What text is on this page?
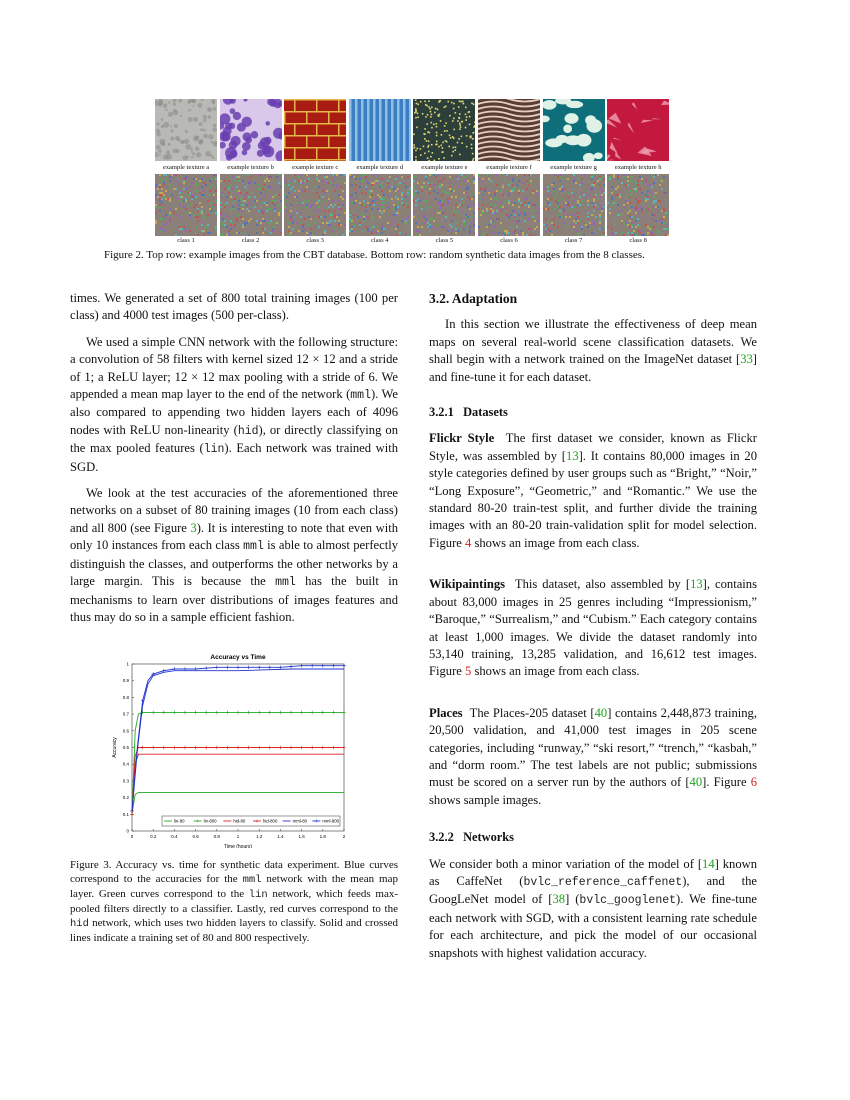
example texture a	example texture b	example texture c	example texture d	example texture e	example texture f	example texture g	example texture h
class 1	class 2	class 3	class 4	class 5	class 6	class 7	class 8
Figure 2. Top row: example images from the CBT database. Bottom row: random synthetic data images from the 8 classes.

times. We generated a set of 800 total training images (100 per class) and 4000 test images (500 per-class).

We used a simple CNN network with the following structure: a convolution of 58 filters with kernel sized 12 × 12 and a stride of 1; a ReLU layer; 12 × 12 max pooling with a stride of 6. We appended a mean map layer to the end of the network (mml). We also compared to appending two hidden layers each of 4096 nodes with ReLU non-linearity (hid), or directly classifying on the max pooled features (lin). Each network was trained with SGD.

We look at the test accuracies of the aforementioned three networks on a subset of 80 training images (10 from each class) and all 800 (see Figure 3). It is interesting to note that even with only 10 instances from each class mml is able to almost perfectly distinguish the classes, and outperforms the other networks by a large margin. This is because the mml has the built in mechanisms to learn over distributions of images features and thus may do so in a sample efficient fashion.

Accuracy vs Time
Time (hours)
Accuracy
0	0.2	0.4	0.6	0.8	1	1.2	1.4	1.6	1.8	2
0
0.1
0.2
0.3
0.4
0.5
0.6
0.7
0.8
0.9
1
lin-80	lin-800	hid-80	hid-800	mml-80	mml-800
Figure 3. Accuracy vs. time for synthetic data experiment. Blue curves correspond to the accuracies for the mml network with the mean map layer. Green curves correspond to the lin network, which feeds max-pooled filters directly to a classifier. Lastly, red curves correspond to the hid network, which uses two hidden layers to classify. Solid and crossed lines indicate a training set of 80 and 800 respectively.
3.2. Adaptation

In this section we illustrate the effectiveness of deep mean maps on several real-world scene classification datasets. We shall begin with a network trained on the ImageNet dataset [33] and fine-tune it for each dataset.

3.2.1   Datasets

Flickr Style  The first dataset we consider, known as Flickr Style, was assembled by [13]. It contains 80,000 images in 20 style categories defined by user groups such as “Bright,” “Noir,” “Long Exposure”, “Geometric,” and “Romantic.” We use the standard 80-20 train-test split, and further divide the training images with an 80-20 train-validation split for model selection. Figure 4 shows an image from each class.

Wikipaintings  This dataset, also assembled by [13], contains about 83,000 images in 25 genres including “Impressionism,” “Baroque,” “Surrealism,” and “Cubism.” Each category contains at least 1,000 images. We divide the dataset randomly into 53,140 training, 13,285 validation, and 16,612 test images. Figure 5 shows an image from each class.

Places  The Places-205 dataset [40] contains 2,448,873 training, 20,500 validation, and 41,000 test images in 205 scene categories, including “runway,” “ski resort,” “trench,” “kasbah,” and “dorm room.” The test labels are not public; submissions must be scored on a server run by the authors of [40]. Figure 6 shows sample images.

3.2.2   Networks

We consider both a minor variation of the model of [14] known as CaffeNet (bvlc_reference_caffenet), and the GoogLeNet model of [38] (bvlc_googlenet). We fine-tune each network with SGD, with a consistent learning rate schedule for each architecture, and pick the model of our occasional snapshots with highest validation accuracy.
